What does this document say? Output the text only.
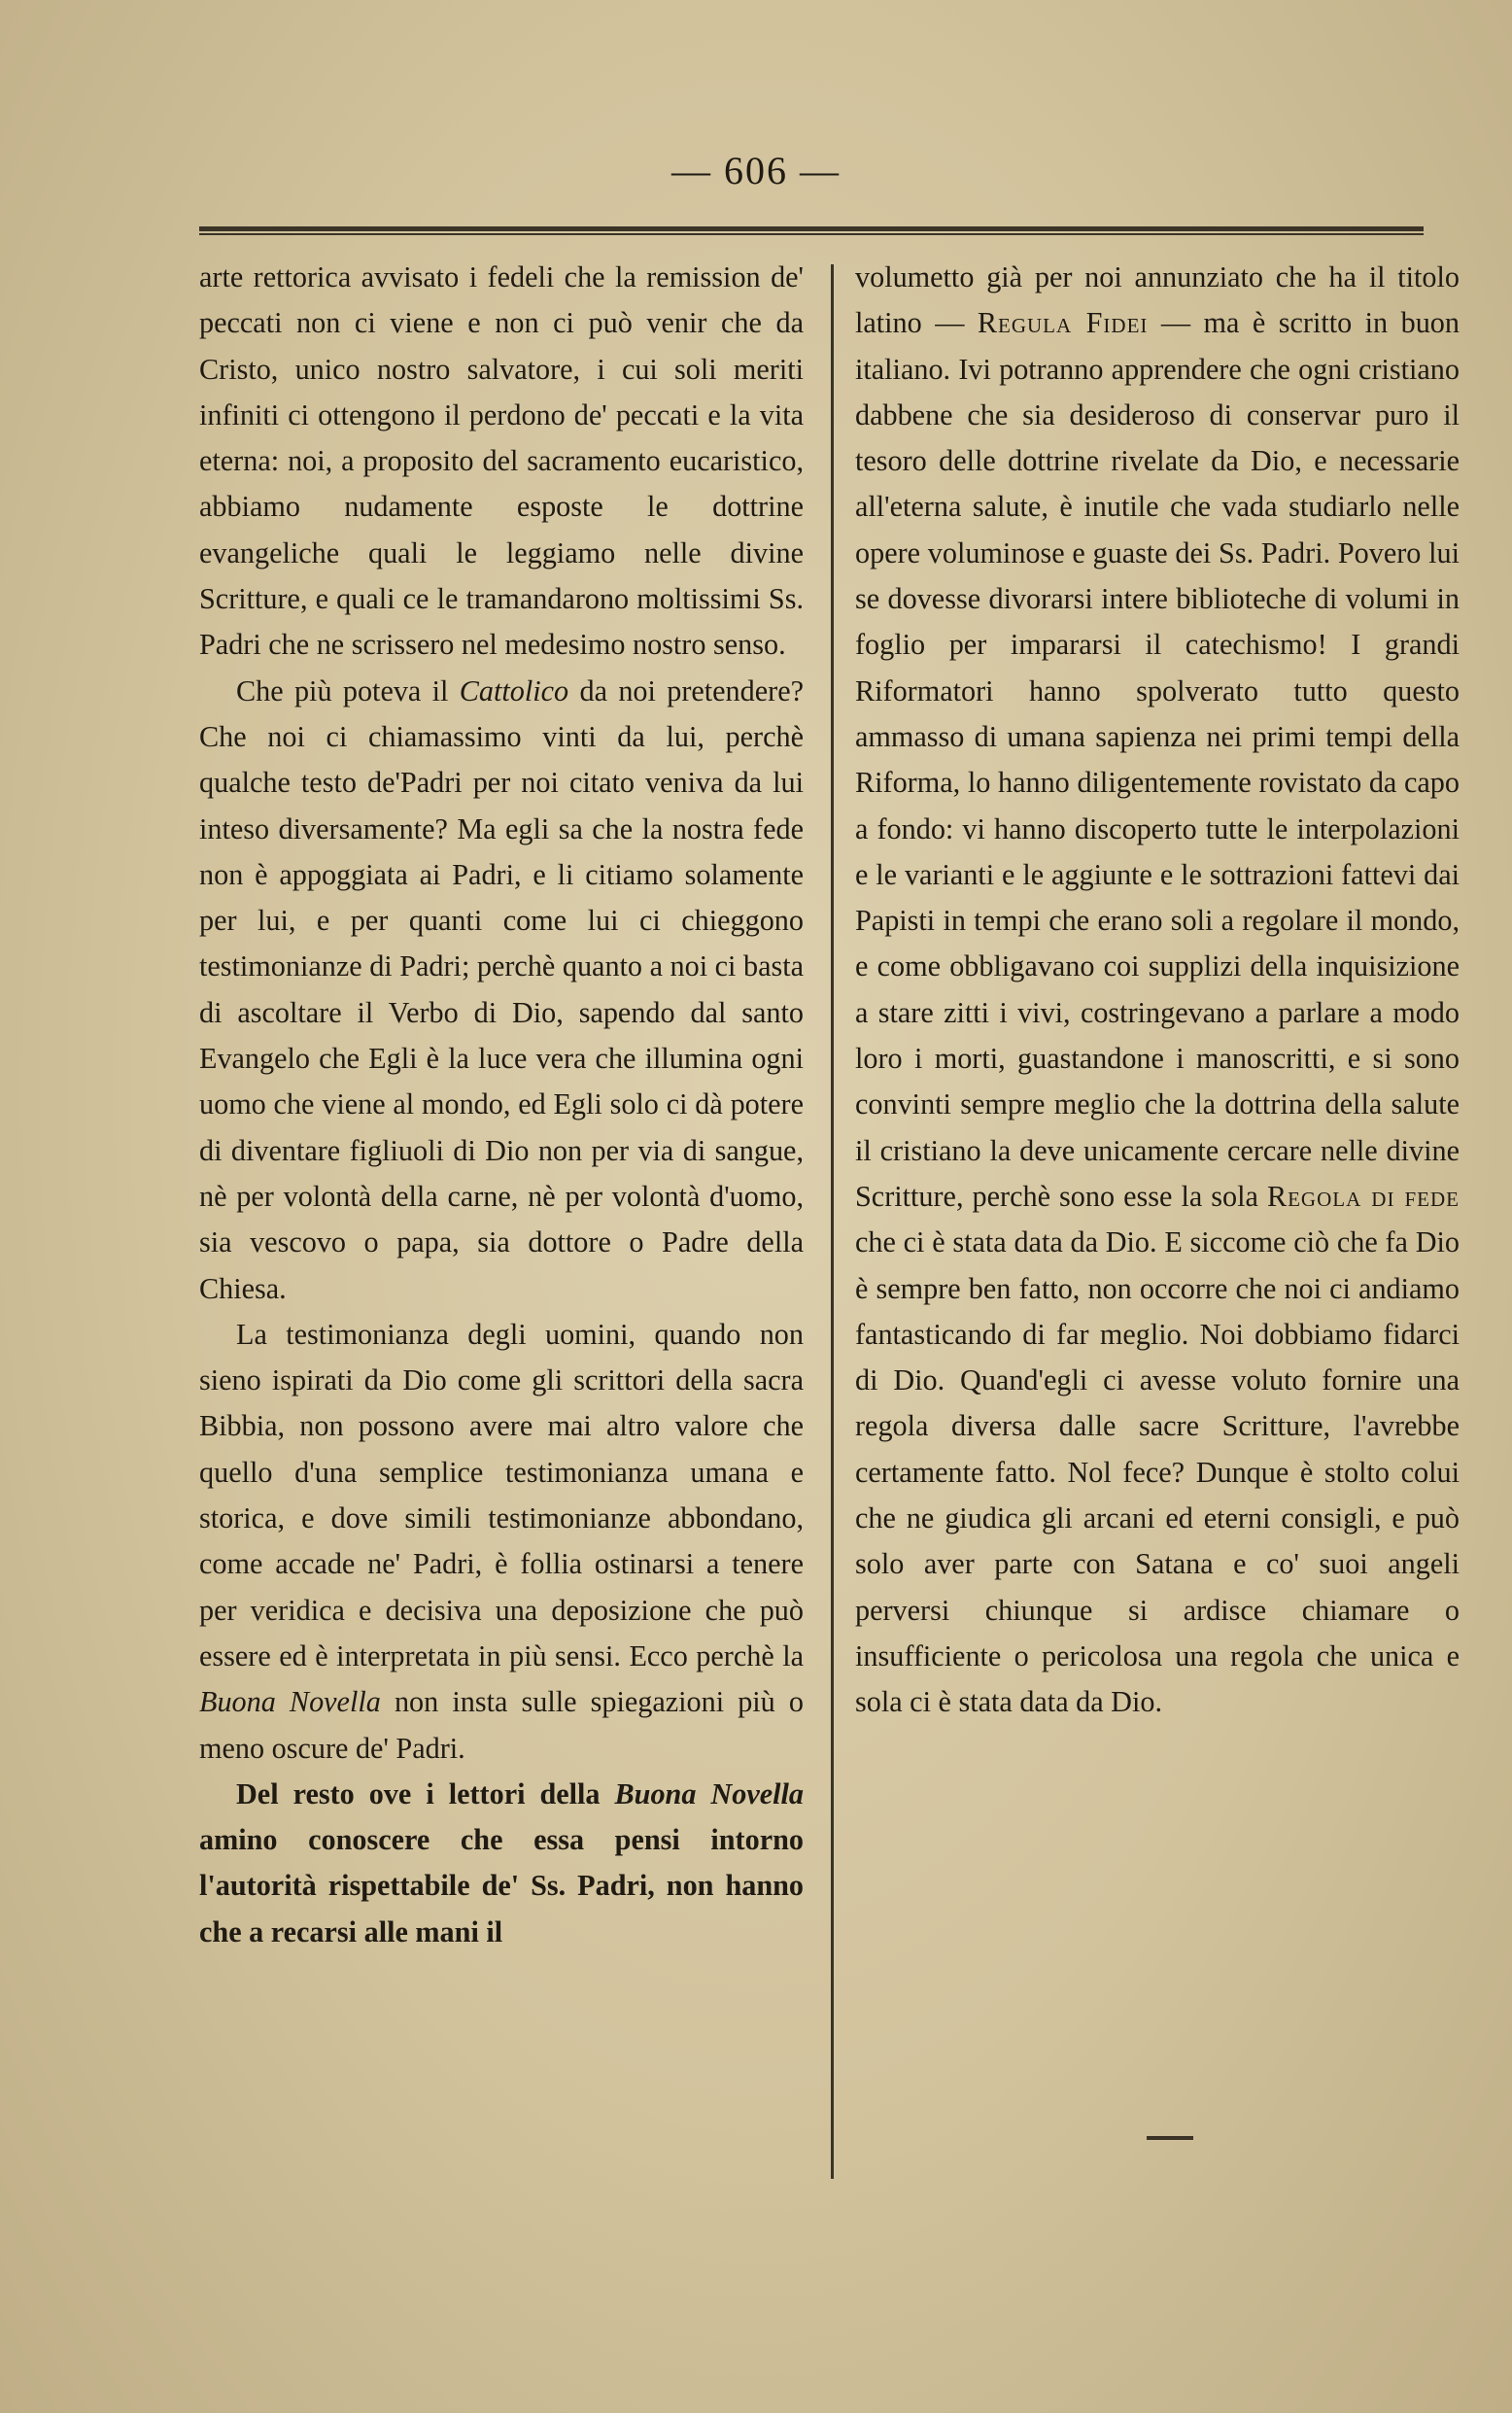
— 606 —

arte rettorica avvisato i fedeli che la remission de' peccati non ci viene e non ci può venir che da Cristo, unico nostro salvatore, i cui soli meriti infiniti ci ottengono il perdono de' peccati e la vita eterna: noi, a proposito del sacramento eucaristico, abbiamo nudamente esposte le dottrine evangeliche quali le leggiamo nelle divine Scritture, e quali ce le tramandarono moltissimi Ss. Padri che ne scrissero nel medesimo nostro senso.

Che più poteva il Cattolico da noi pretendere? Che noi ci chiamassimo vinti da lui, perchè qualche testo de'Padri per noi citato veniva da lui inteso diversamente? Ma egli sa che la nostra fede non è appoggiata ai Padri, e li citiamo solamente per lui, e per quanti come lui ci chieggono testimonianze di Padri; perchè quanto a noi ci basta di ascoltare il Verbo di Dio, sapendo dal santo Evangelo che Egli è la luce vera che illumina ogni uomo che viene al mondo, ed Egli solo ci dà potere di diventare figliuoli di Dio non per via di sangue, nè per volontà della carne, nè per volontà d'uomo, sia vescovo o papa, sia dottore o Padre della Chiesa.

La testimonianza degli uomini, quando non sieno ispirati da Dio come gli scrittori della sacra Bibbia, non possono avere mai altro valore che quello d'una semplice testimonianza umana e storica, e dove simili testimonianze abbondano, come accade ne' Padri, è follia ostinarsi a tenere per veridica e decisiva una deposizione che può essere ed è interpretata in più sensi. Ecco perchè la Buona Novella non insta sulle spiegazioni più o meno oscure de' Padri.

Del resto ove i lettori della Buona Novella amino conoscere che essa pensi intorno l'autorità rispettabile de' Ss. Padri, non hanno che a recarsi alle mani il

volumetto già per noi annunziato che ha il titolo latino — Regula Fidei — ma è scritto in buon italiano. Ivi potranno apprendere che ogni cristiano dabbene che sia desideroso di conservar puro il tesoro delle dottrine rivelate da Dio, e necessarie all'eterna salute, è inutile che vada studiarlo nelle opere voluminose e guaste dei Ss. Padri. Povero lui se dovesse divorarsi intere biblioteche di volumi in foglio per impararsi il catechismo! I grandi Riformatori hanno spolverato tutto questo ammasso di umana sapienza nei primi tempi della Riforma, lo hanno diligentemente rovistato da capo a fondo: vi hanno discoperto tutte le interpolazioni e le varianti e le aggiunte e le sottrazioni fattevi dai Papisti in tempi che erano soli a regolare il mondo, e come obbligavano coi supplizi della inquisizione a stare zitti i vivi, costringevano a parlare a modo loro i morti, guastandone i manoscritti, e si sono convinti sempre meglio che la dottrina della salute il cristiano la deve unicamente cercare nelle divine Scritture, perchè sono esse la sola Regola di fede che ci è stata data da Dio. E siccome ciò che fa Dio è sempre ben fatto, non occorre che noi ci andiamo fantasticando di far meglio. Noi dobbiamo fidarci di Dio. Quand'egli ci avesse voluto fornire una regola diversa dalle sacre Scritture, l'avrebbe certamente fatto. Nol fece? Dunque è stolto colui che ne giudica gli arcani ed eterni consigli, e può solo aver parte con Satana e co' suoi angeli perversi chiunque si ardisce chiamare o insufficiente o pericolosa una regola che unica e sola ci è stata data da Dio.
